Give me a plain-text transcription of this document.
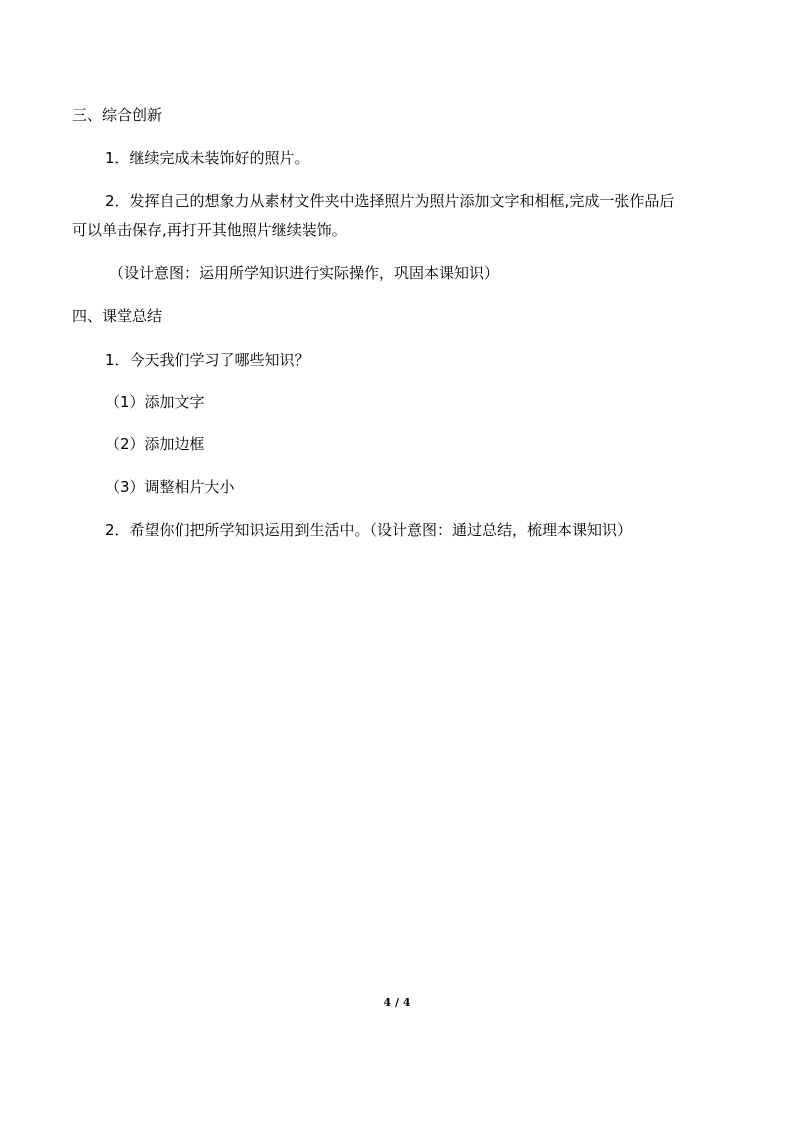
三、综合创新
1．继续完成未装饰好的照片。
2．发挥自己的想象力从素材文件夹中选择照片为照片添加文字和相框,完成一张作品后
可以单击保存,再打开其他照片继续装饰。
（设计意图：运用所学知识进行实际操作，巩固本课知识）
四、课堂总结
1．今天我们学习了哪些知识？
（1）添加文字
（2）添加边框
（3）调整相片大小
2．希望你们把所学知识运用到生活中。（设计意图：通过总结，梳理本课知识）
4 / 4
